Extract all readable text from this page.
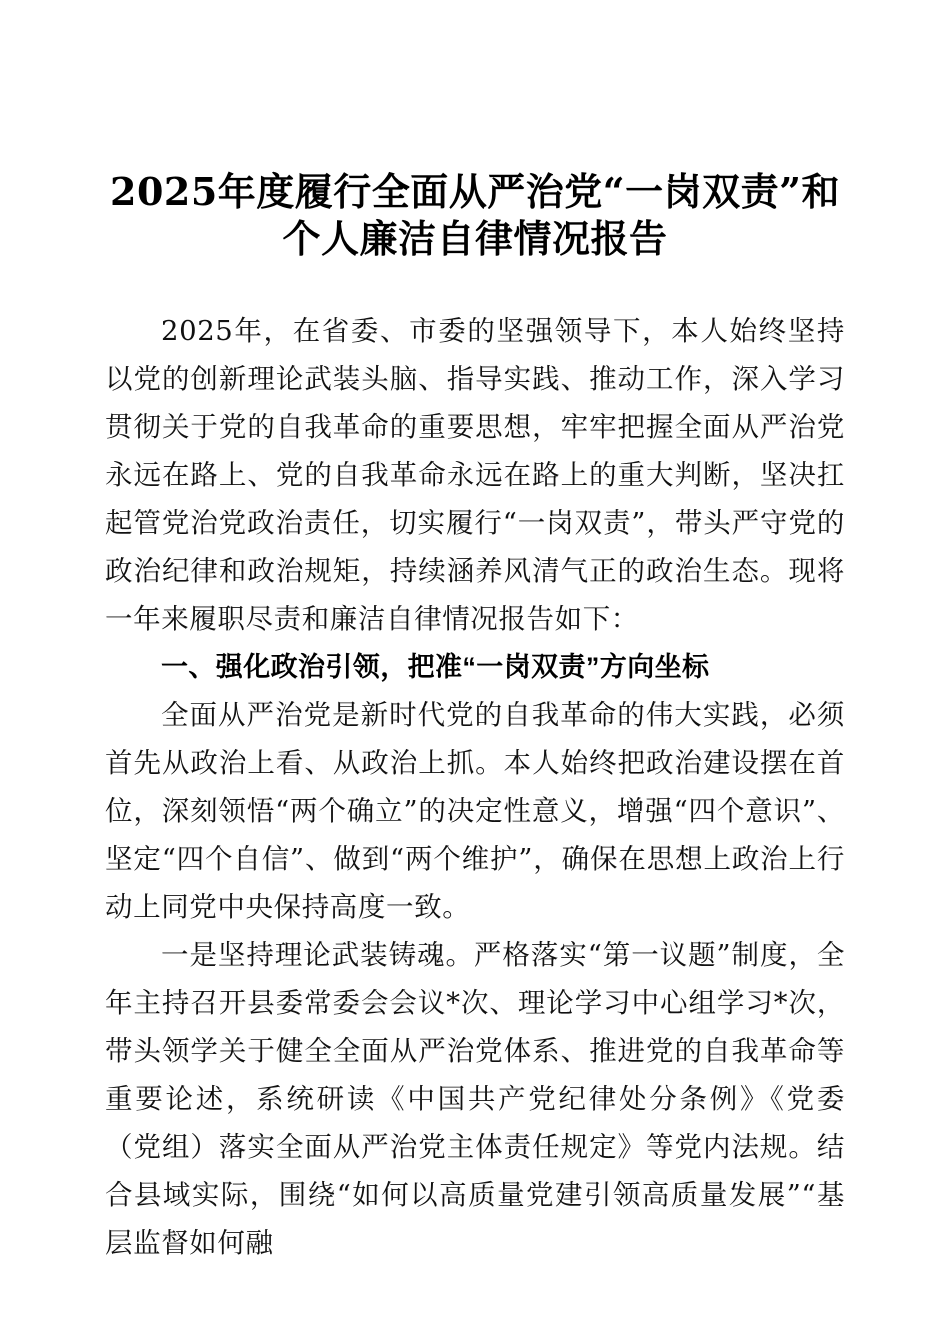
2025年度履行全面从严治党“一岗双责”和个人廉洁自律情况报告

2025年，在省委、市委的坚强领导下，本人始终坚持以党的创新理论武装头脑、指导实践、推动工作，深入学习贯彻关于党的自我革命的重要思想，牢牢把握全面从严治党永远在路上、党的自我革命永远在路上的重大判断，坚决扛起管党治党政治责任，切实履行“一岗双责”，带头严守党的政治纪律和政治规矩，持续涵养风清气正的政治生态。现将一年来履职尽责和廉洁自律情况报告如下：

一、强化政治引领，把准“一岗双责”方向坐标

全面从严治党是新时代党的自我革命的伟大实践，必须首先从政治上看、从政治上抓。本人始终把政治建设摆在首位，深刻领悟“两个确立”的决定性意义，增强“四个意识”、坚定“四个自信”、做到“两个维护”，确保在思想上政治上行动上同党中央保持高度一致。

一是坚持理论武装铸魂。严格落实“第一议题”制度，全年主持召开县委常委会会议*次、理论学习中心组学习*次，带头领学关于健全全面从严治党体系、推进党的自我革命等重要论述，系统研读《中国共产党纪律处分条例》《党委（党组）落实全面从严治党主体责任规定》等党内法规。结合县域实际，围绕“如何以高质量党建引领高质量发展”“基层监督如何融
